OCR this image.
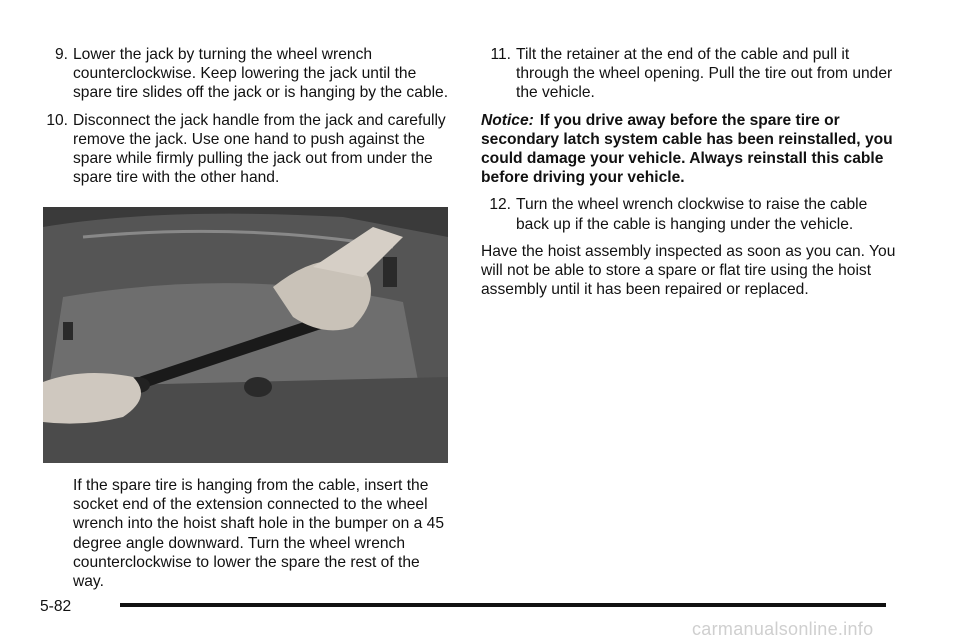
9. Lower the jack by turning the wheel wrench counterclockwise. Keep lowering the jack until the spare tire slides off the jack or is hanging by the cable.
10. Disconnect the jack handle from the jack and carefully remove the jack. Use one hand to push against the spare while firmly pulling the jack out from under the spare tire with the other hand.
If the spare tire is hanging from the cable, insert the socket end of the extension connected to the wheel wrench into the hoist shaft hole in the bumper on a 45 degree angle downward. Turn the wheel wrench counterclockwise to lower the spare the rest of the way.
11. Tilt the retainer at the end of the cable and pull it through the wheel opening. Pull the tire out from under the vehicle.
Notice: If you drive away before the spare tire or secondary latch system cable has been reinstalled, you could damage your vehicle. Always reinstall this cable before driving your vehicle.
12. Turn the wheel wrench clockwise to raise the cable back up if the cable is hanging under the vehicle.

Have the hoist assembly inspected as soon as you can. You will not be able to store a spare or flat tire using the hoist assembly until it has been repaired or replaced.

5-82
carmanualsonline.info
